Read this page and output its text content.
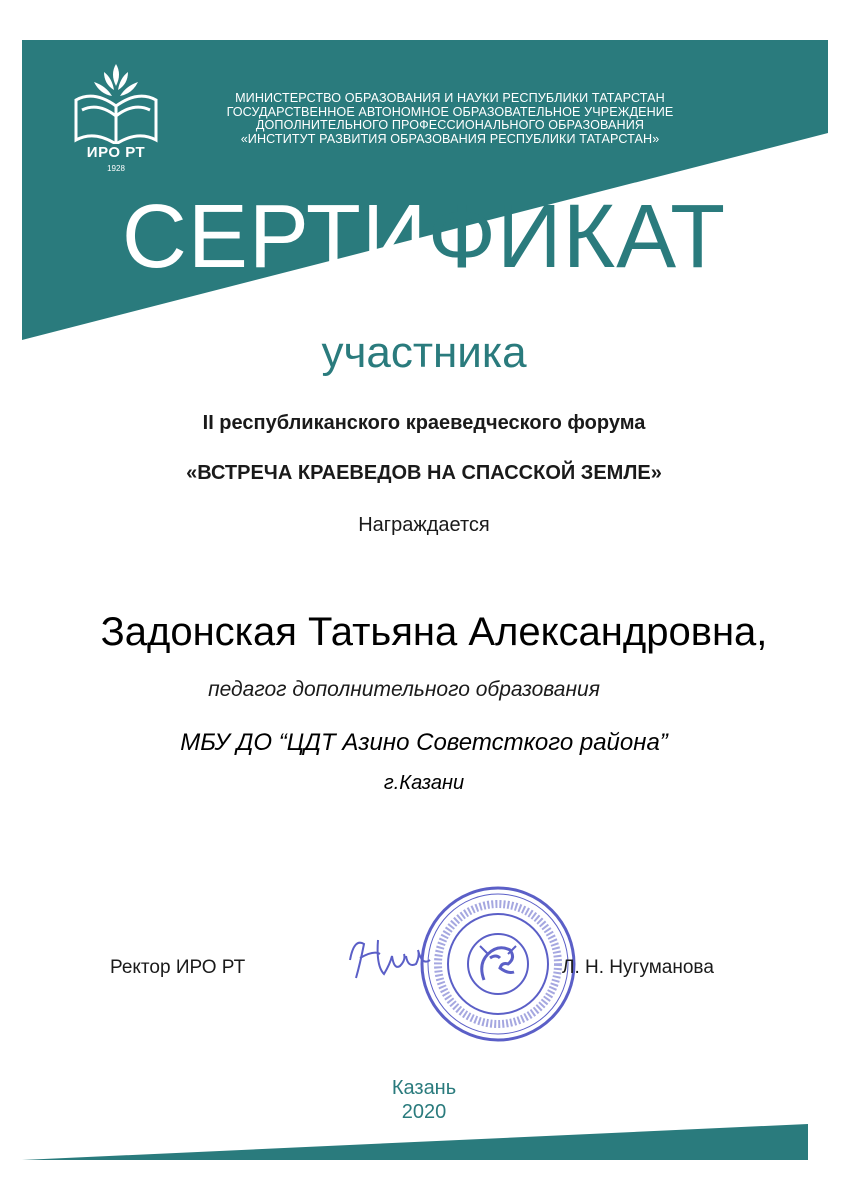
ИРО РТ
1928
МИНИСТЕРСТВО ОБРАЗОВАНИЯ И НАУКИ РЕСПУБЛИКИ ТАТАРСТАН
ГОСУДАРСТВЕННОЕ АВТОНОМНОЕ ОБРАЗОВАТЕЛЬНОЕ УЧРЕЖДЕНИЕ
ДОПОЛНИТЕЛЬНОГО ПРОФЕССИОНАЛЬНОГО ОБРАЗОВАНИЯ
«ИНСТИТУТ РАЗВИТИЯ ОБРАЗОВАНИЯ РЕСПУБЛИКИ ТАТАРСТАН»
СЕРТИФИКАТ
участника
II республиканского краеведческого форума
«ВСТРЕЧА КРАЕВЕДОВ НА СПАССКОЙ ЗЕМЛЕ»
Награждается
Задонская Татьяна Александровна,
педагог дополнительного образования
МБУ ДО “ЦДТ Азино Советсткого района”
г.Казани
Ректор ИРО РТ	Л. Н. Нугуманова
Казань
2020
